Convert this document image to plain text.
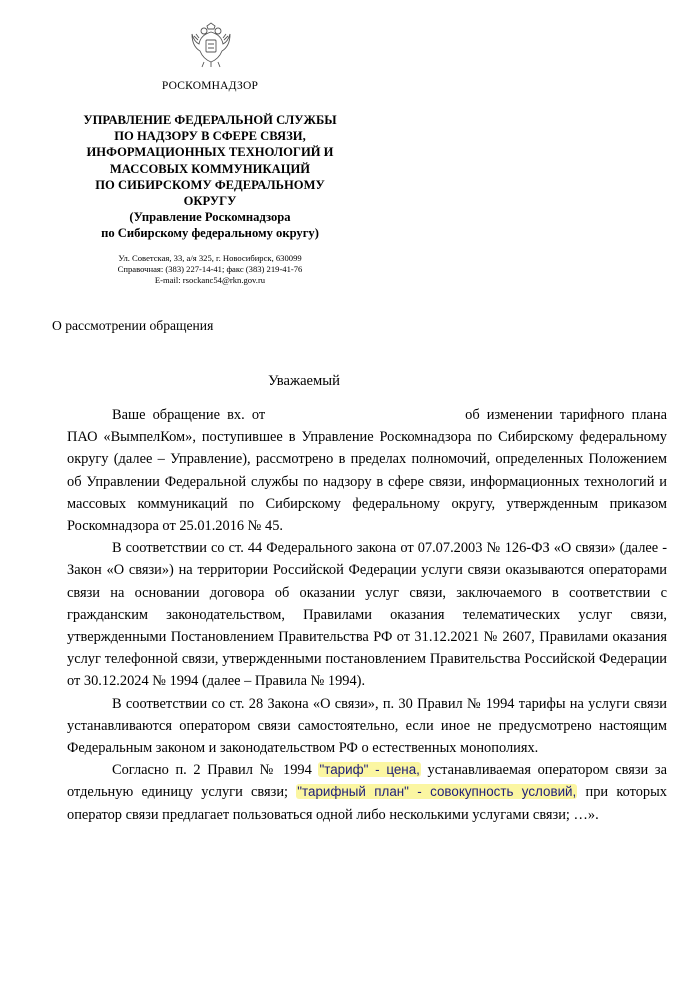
РОСКОМНАДЗОР
УПРАВЛЕНИЕ ФЕДЕРАЛЬНОЙ СЛУЖБЫ
ПО НАДЗОРУ В СФЕРЕ СВЯЗИ,
ИНФОРМАЦИОННЫХ ТЕХНОЛОГИЙ И
МАССОВЫХ КОММУНИКАЦИЙ
ПО СИБИРСКОМУ ФЕДЕРАЛЬНОМУ
ОКРУГУ
(Управление Роскомнадзора
по Сибирскому федеральному округу)
Ул. Советская, 33, а/я 325, г. Новосибирск, 630099
Справочная: (383) 227-14-41; факс (383) 219-41-76
E-mail: rsockanc54@rkn.gov.ru
О рассмотрении обращения
Уважаемый

Ваше обращение вх. от	об изменении тарифного плана ПАО «ВымпелКом», поступившее в Управление Роскомнадзора по Сибирскому федеральному округу (далее – Управление), рассмотрено в пределах полномочий, определенных Положением об Управлении Федеральной службы по надзору в сфере связи, информационных технологий и массовых коммуникаций по Сибирскому федеральному округу, утвержденным приказом Роскомнадзора от 25.01.2016 № 45.

В соответствии со ст. 44 Федерального закона от 07.07.2003 № 126-ФЗ «О связи» (далее - Закон «О связи») на территории Российской Федерации услуги связи оказываются операторами связи на основании договора об оказании услуг связи, заключаемого в соответствии с гражданским законодательством, Правилами оказания телематических услуг связи, утвержденными Постановлением Правительства РФ от 31.12.2021 № 2607, Правилами оказания услуг телефонной связи, утвержденными постановлением Правительства Российской Федерации от 30.12.2024 № 1994 (далее – Правила № 1994).

В соответствии со ст. 28 Закона «О связи», п. 30 Правил № 1994 тарифы на услуги связи устанавливаются оператором связи самостоятельно, если иное не предусмотрено настоящим Федеральным законом и законодательством РФ о естественных монополиях.

Согласно п. 2 Правил № 1994 "тариф" - цена, устанавливаемая оператором связи за отдельную единицу услуги связи; "тарифный план" - совокупность условий, при которых оператор связи предлагает пользоваться одной либо несколькими услугами связи; …».
